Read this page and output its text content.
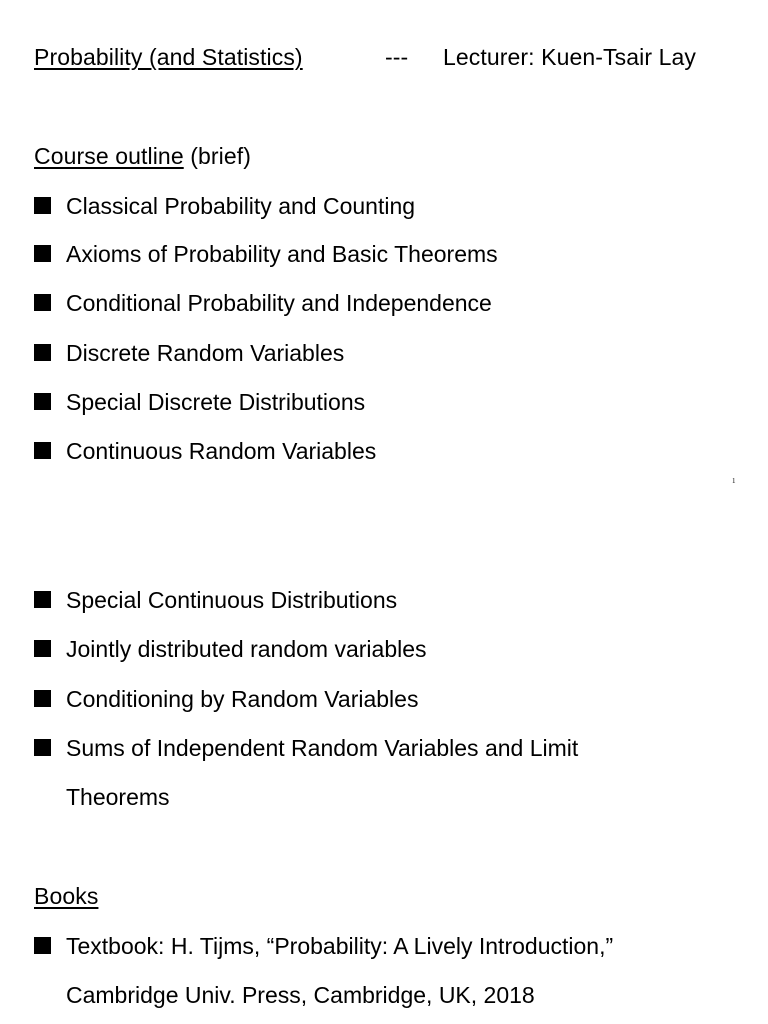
Probability (and Statistics)	--- Lecturer: Kuen-Tsair Lay
Course outline (brief)
Classical Probability and Counting
Axioms of Probability and Basic Theorems
Conditional Probability and Independence
Discrete Random Variables
Special Discrete Distributions
Continuous Random Variables
1
Special Continuous Distributions
Jointly distributed random variables
Conditioning by Random Variables
Sums of Independent Random Variables and Limit
Theorems
Books
Textbook: H. Tijms, “Probability: A Lively Introduction,”
Cambridge Univ. Press, Cambridge, UK, 2018
